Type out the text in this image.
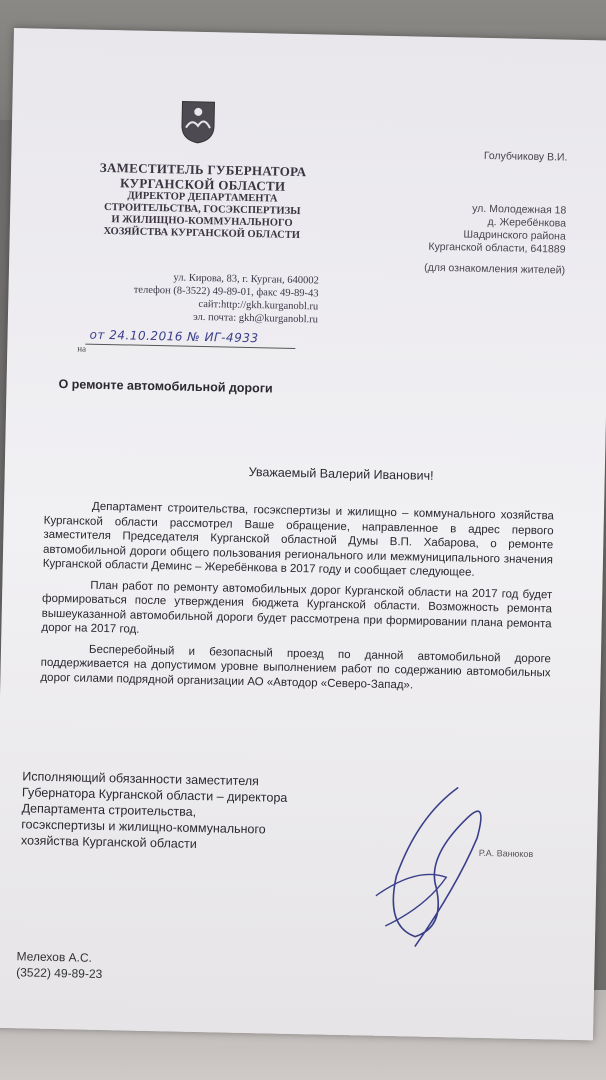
ЗАМЕСТИТЕЛЬ ГУБЕРНАТОРА
КУРГАНСКОЙ ОБЛАСТИ
ДИРЕКТОР ДЕПАРТАМЕНТА
СТРОИТЕЛЬСТВА, ГОСЭКСПЕРТИЗЫ
И ЖИЛИЩНО-КОММУНАЛЬНОГО
ХОЗЯЙСТВА КУРГАНСКОЙ ОБЛАСТИ
ул. Кирова, 83, г. Курган, 640002
телефон (8-3522) 49-89-01, факс 49-89-43
сайт:http://gkh.kurganobl.ru
эл. почта: gkh@kurganobl.ru
от 24.10.2016 № ИГ-4933
на
Голубчикову В.И.
ул. Молодежная 18
д. Жеребёнкова
Шадринского района
Курганской области, 641889
(для ознакомления жителей)
О ремонте автомобильной дороги
Уважаемый Валерий Иванович!

Департамент строительства, госэкспертизы и жилищно – коммунального хозяйства Курганской области рассмотрел Ваше обращение, направленное в адрес первого заместителя Председателя Курганской областной Думы В.П. Хабарова, о ремонте автомобильной дороги общего пользования регионального или межмуниципального значения Курганской области Деминс – Жеребёнкова в 2017 году и сообщает следующее.

План работ по ремонту автомобильных дорог Курганской области на 2017 год будет формироваться после утверждения бюджета Курганской области. Возможность ремонта вышеуказанной автомобильной дороги будет рассмотрена при формировании плана ремонта дорог на 2017 год.

Бесперебойный и безопасный проезд по данной автомобильной дороге поддерживается на допустимом уровне выполнением работ по содержанию автомобильных дорог силами подрядной организации АО «Автодор «Северо-Запад».

Исполняющий обязанности заместителя
Губернатора Курганской области – директора
Департамента строительства,
госэкспертизы и жилищно-коммунального
хозяйства Курганской области
Р.А. Ванюков
Мелехов А.С.
(3522) 49-89-23
